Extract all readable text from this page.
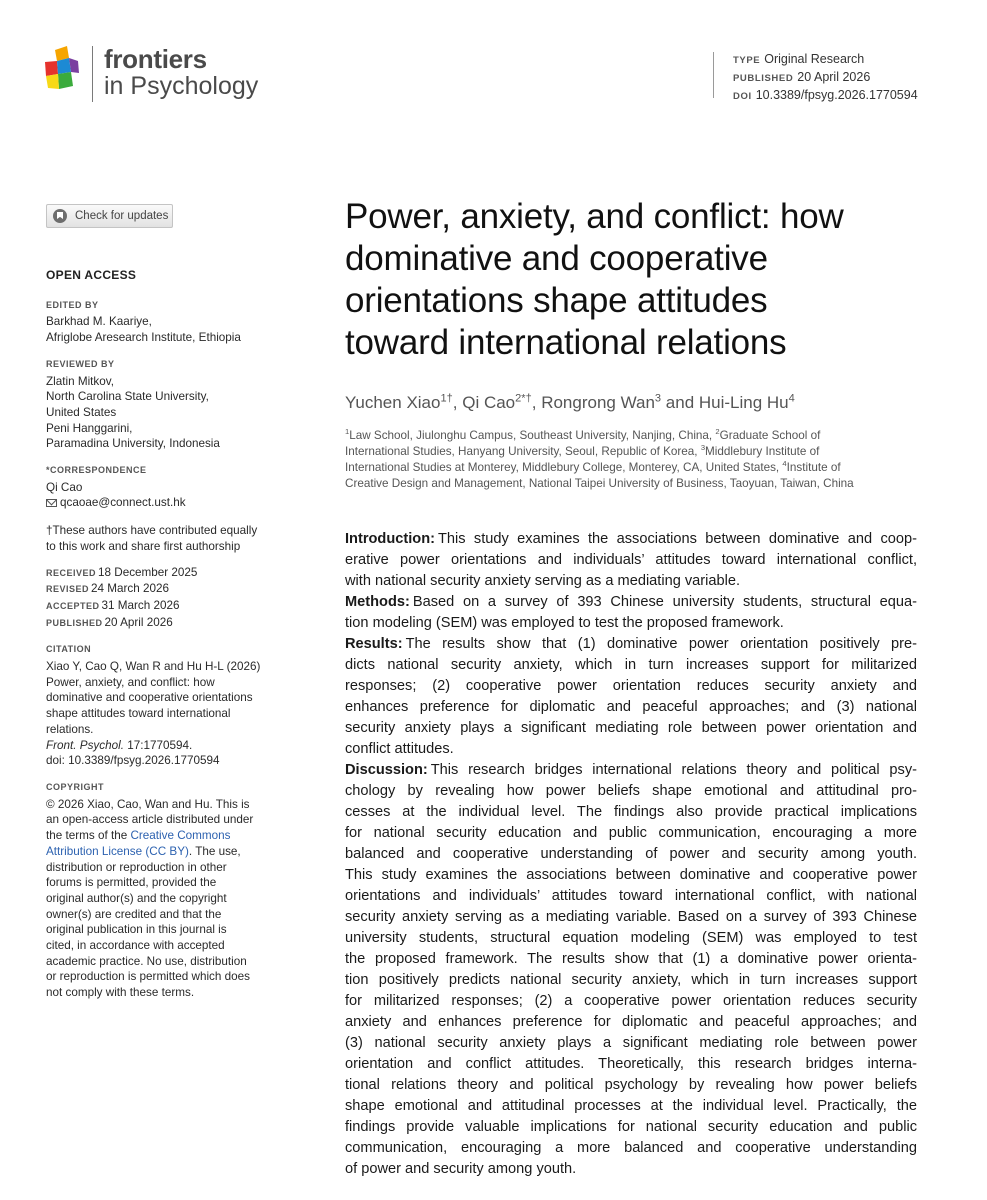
frontiers
in Psychology
TYPE Original Research
PUBLISHED 20 April 2026
DOI 10.3389/fpsyg.2026.1770594
Check for updates
OPEN ACCESS
EDITED BY
Barkhad M. Kaariye,
Afriglobe Aresearch Institute, Ethiopia
REVIEWED BY
Zlatin Mitkov,
North Carolina State University,
United States
Peni Hanggarini,
Paramadina University, Indonesia
*CORRESPONDENCE
Qi Cao
qcaoae@connect.ust.hk
†These authors have contributed equally
to this work and share first authorship
RECEIVED 18 December 2025
REVISED 24 March 2026
ACCEPTED 31 March 2026
PUBLISHED 20 April 2026
CITATION
Xiao Y, Cao Q, Wan R and Hu H-L (2026)
Power, anxiety, and conflict: how
dominative and cooperative orientations
shape attitudes toward international
relations.
Front. Psychol. 17:1770594.
doi: 10.3389/fpsyg.2026.1770594
COPYRIGHT
© 2026 Xiao, Cao, Wan and Hu. This is
an open-access article distributed under
the terms of the Creative Commons
Attribution License (CC BY). The use,
distribution or reproduction in other
forums is permitted, provided the
original author(s) and the copyright
owner(s) are credited and that the
original publication in this journal is
cited, in accordance with accepted
academic practice. No use, distribution
or reproduction is permitted which does
not comply with these terms.
Power, anxiety, and conflict: how
dominative and cooperative
orientations shape attitudes
toward international relations
Yuchen Xiao$^{1\dagger}$, Qi Cao$^{2*\dagger}$, Rongrong Wan$^3$ and Hui-Ling Hu$^4$
$^1$Law School, Jiulonghu Campus, Southeast University, Nanjing, China, $^2$Graduate School of
International Studies, Hanyang University, Seoul, Republic of Korea, $^3$Middlebury Institute of
International Studies at Monterey, Middlebury College, Monterey, CA, United States, $^4$Institute of
Creative Design and Management, National Taipei University of Business, Taoyuan, Taiwan, China
Introduction: This study examines the associations between dominative and coop-
erative power orientations and individuals’ attitudes toward international conflict,
with national security anxiety serving as a mediating variable.
Methods: Based on a survey of 393 Chinese university students, structural equa-
tion modeling (SEM) was employed to test the proposed framework.
Results: The results show that (1) dominative power orientation positively pre-
dicts national security anxiety, which in turn increases support for militarized
responses; (2) cooperative power orientation reduces security anxiety and
enhances preference for diplomatic and peaceful approaches; and (3) national
security anxiety plays a significant mediating role between power orientation and
conflict attitudes.
Discussion: This research bridges international relations theory and political psy-
chology by revealing how power beliefs shape emotional and attitudinal pro-
cesses at the individual level. The findings also provide practical implications
for national security education and public communication, encouraging a more
balanced and cooperative understanding of power and security among youth.
This study examines the associations between dominative and cooperative power
orientations and individuals’ attitudes toward international conflict, with national
security anxiety serving as a mediating variable. Based on a survey of 393 Chinese
university students, structural equation modeling (SEM) was employed to test
the proposed framework. The results show that (1) a dominative power orienta-
tion positively predicts national security anxiety, which in turn increases support
for militarized responses; (2) a cooperative power orientation reduces security
anxiety and enhances preference for diplomatic and peaceful approaches; and
(3) national security anxiety plays a significant mediating role between power
orientation and conflict attitudes. Theoretically, this research bridges interna-
tional relations theory and political psychology by revealing how power beliefs
shape emotional and attitudinal processes at the individual level. Practically, the
findings provide valuable implications for national security education and public
communication, encouraging a more balanced and cooperative understanding
of power and security among youth.
